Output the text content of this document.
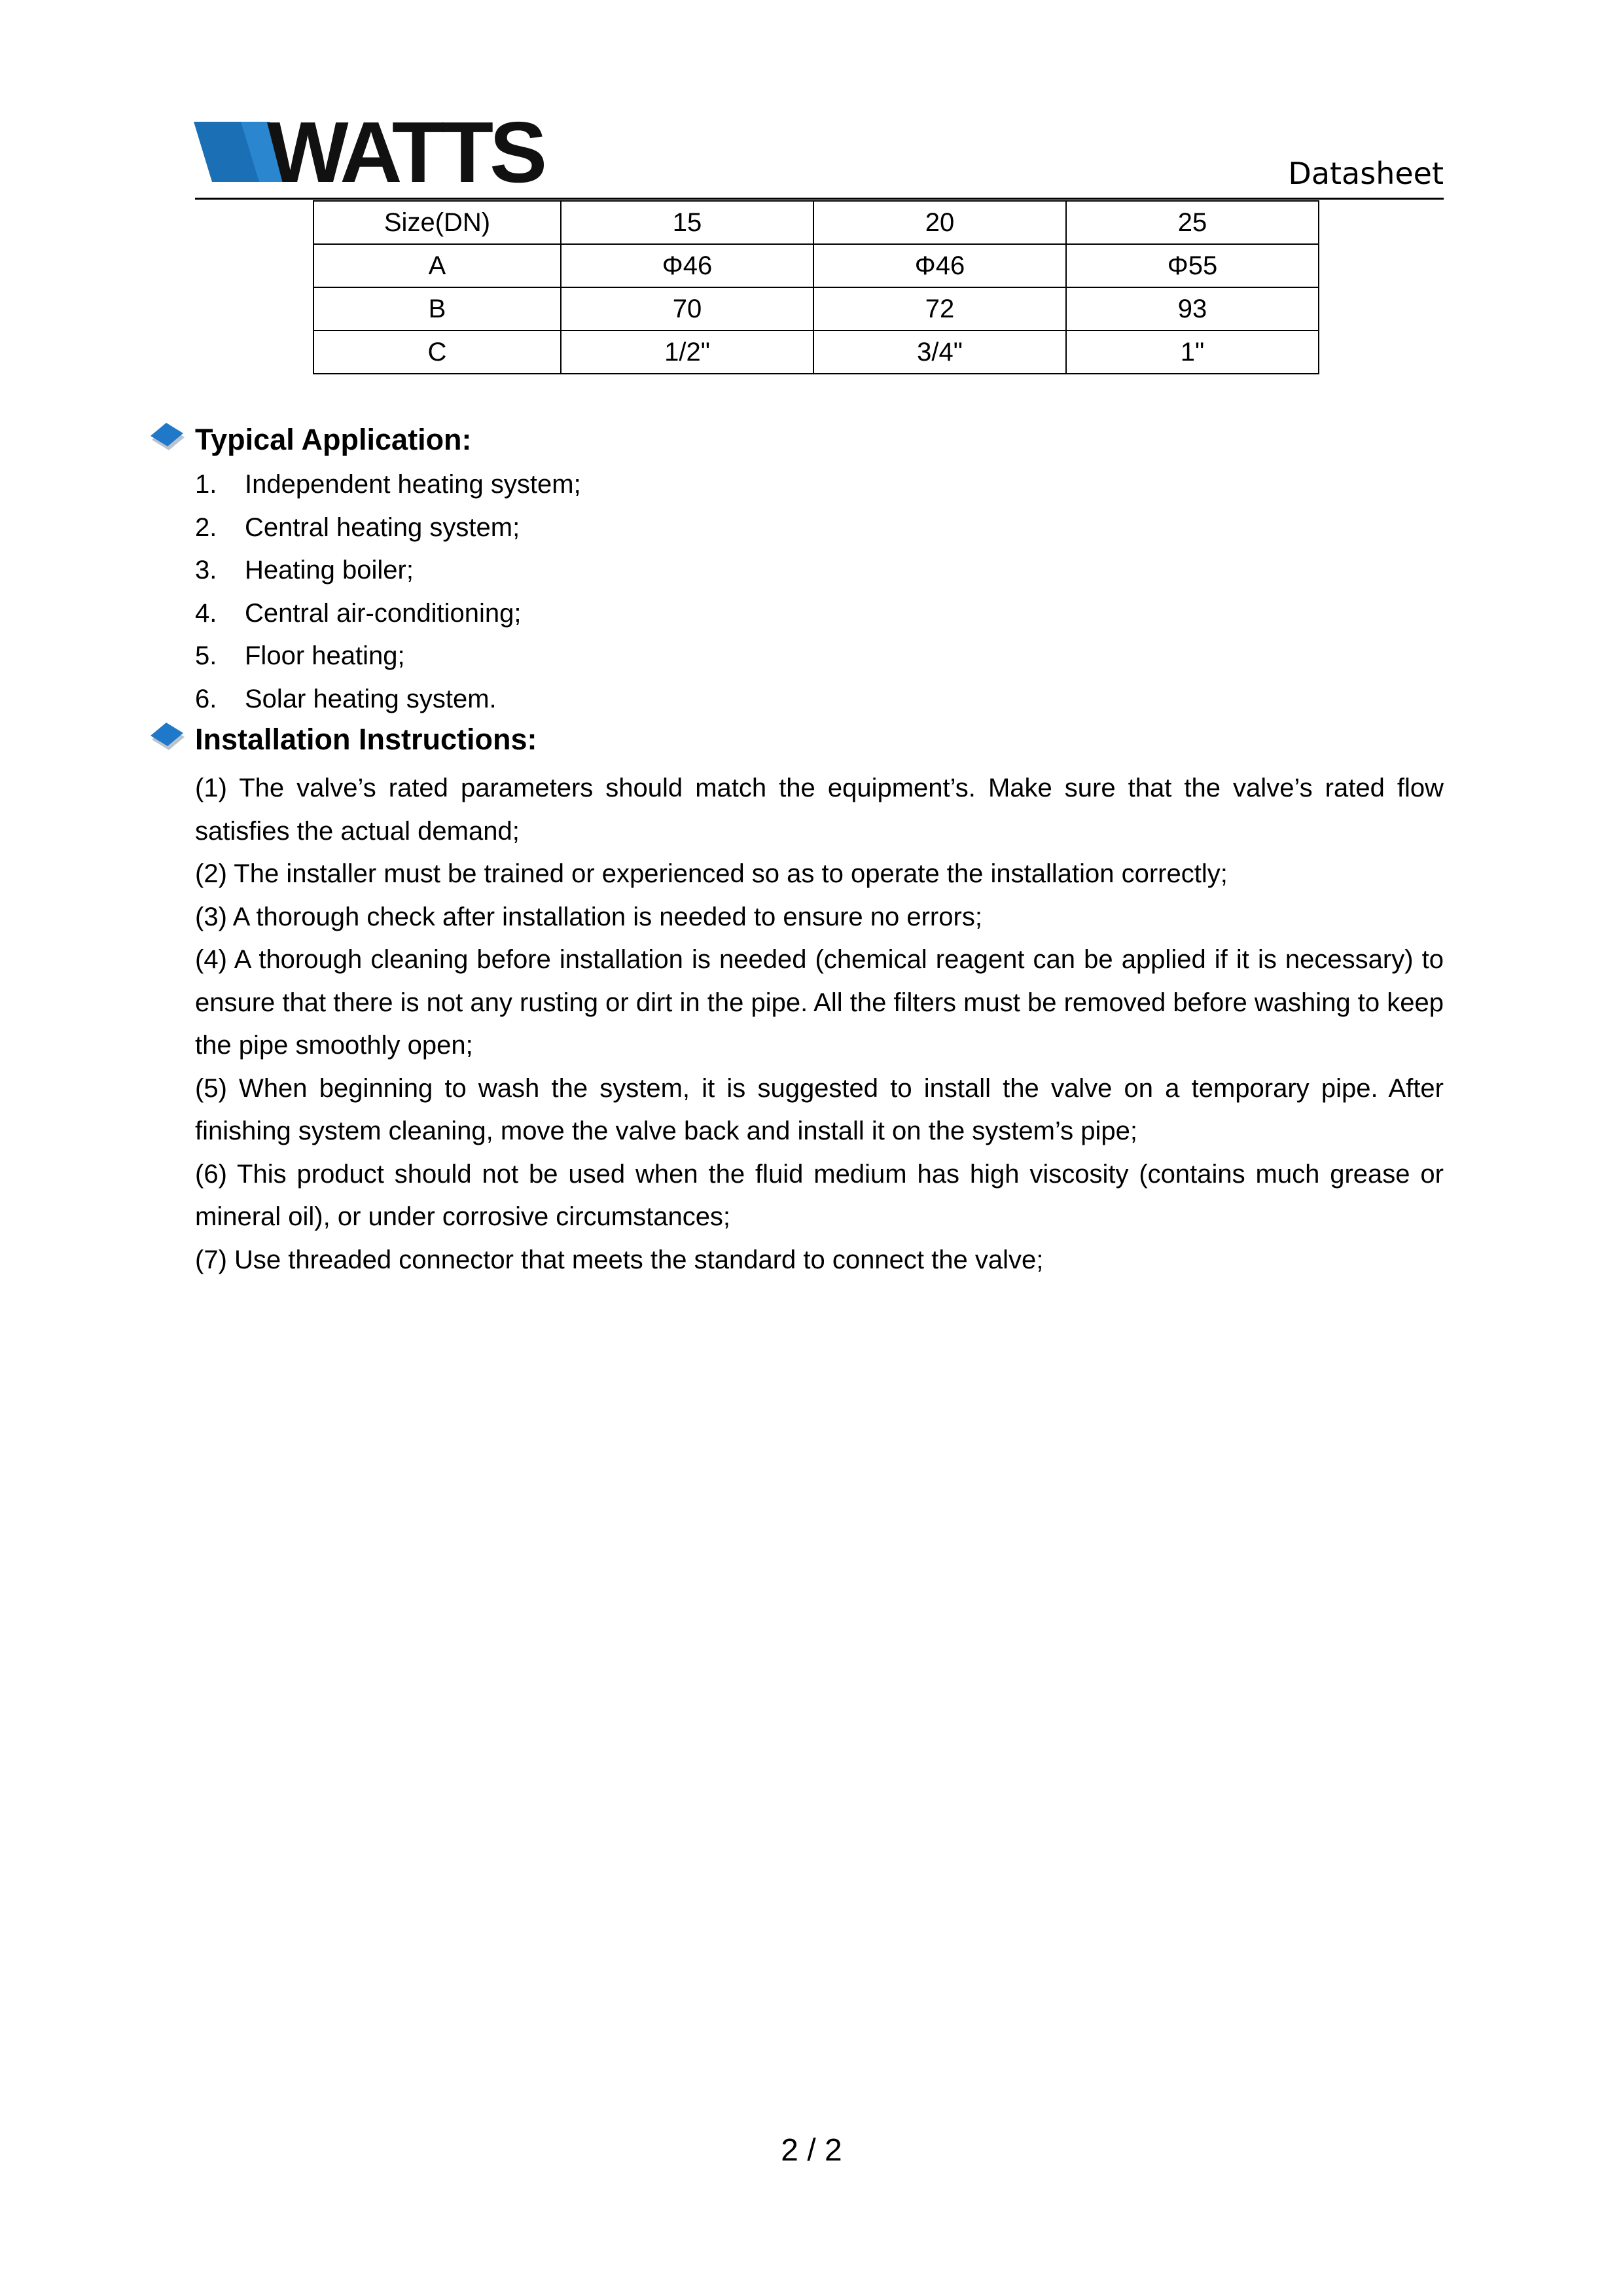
WATTS	Datasheet
Size(DN)	15	20	25
A	Φ46	Φ46	Φ55
B	70	72	93
C	1/2"	3/4"	1"
Typical Application:
1. Independent heating system;
2. Central heating system;
3. Heating boiler;
4. Central air-conditioning;
5. Floor heating;
6. Solar heating system.
Installation Instructions:

(1) The valve’s rated parameters should match the equipment’s. Make sure that the valve’s rated flow satisfies the actual demand;

(2) The installer must be trained or experienced so as to operate the installation correctly;

(3) A thorough check after installation is needed to ensure no errors;

(4) A thorough cleaning before installation is needed (chemical reagent can be applied if it is necessary) to ensure that there is not any rusting or dirt in the pipe. All the filters must be removed before washing to keep the pipe smoothly open;

(5) When beginning to wash the system, it is suggested to install the valve on a temporary pipe. After finishing system cleaning, move the valve back and install it on the system’s pipe;

(6) This product should not be used when the fluid medium has high viscosity (contains much grease or mineral oil), or under corrosive circumstances;

(7) Use threaded connector that meets the standard to connect the valve;

2 / 2
